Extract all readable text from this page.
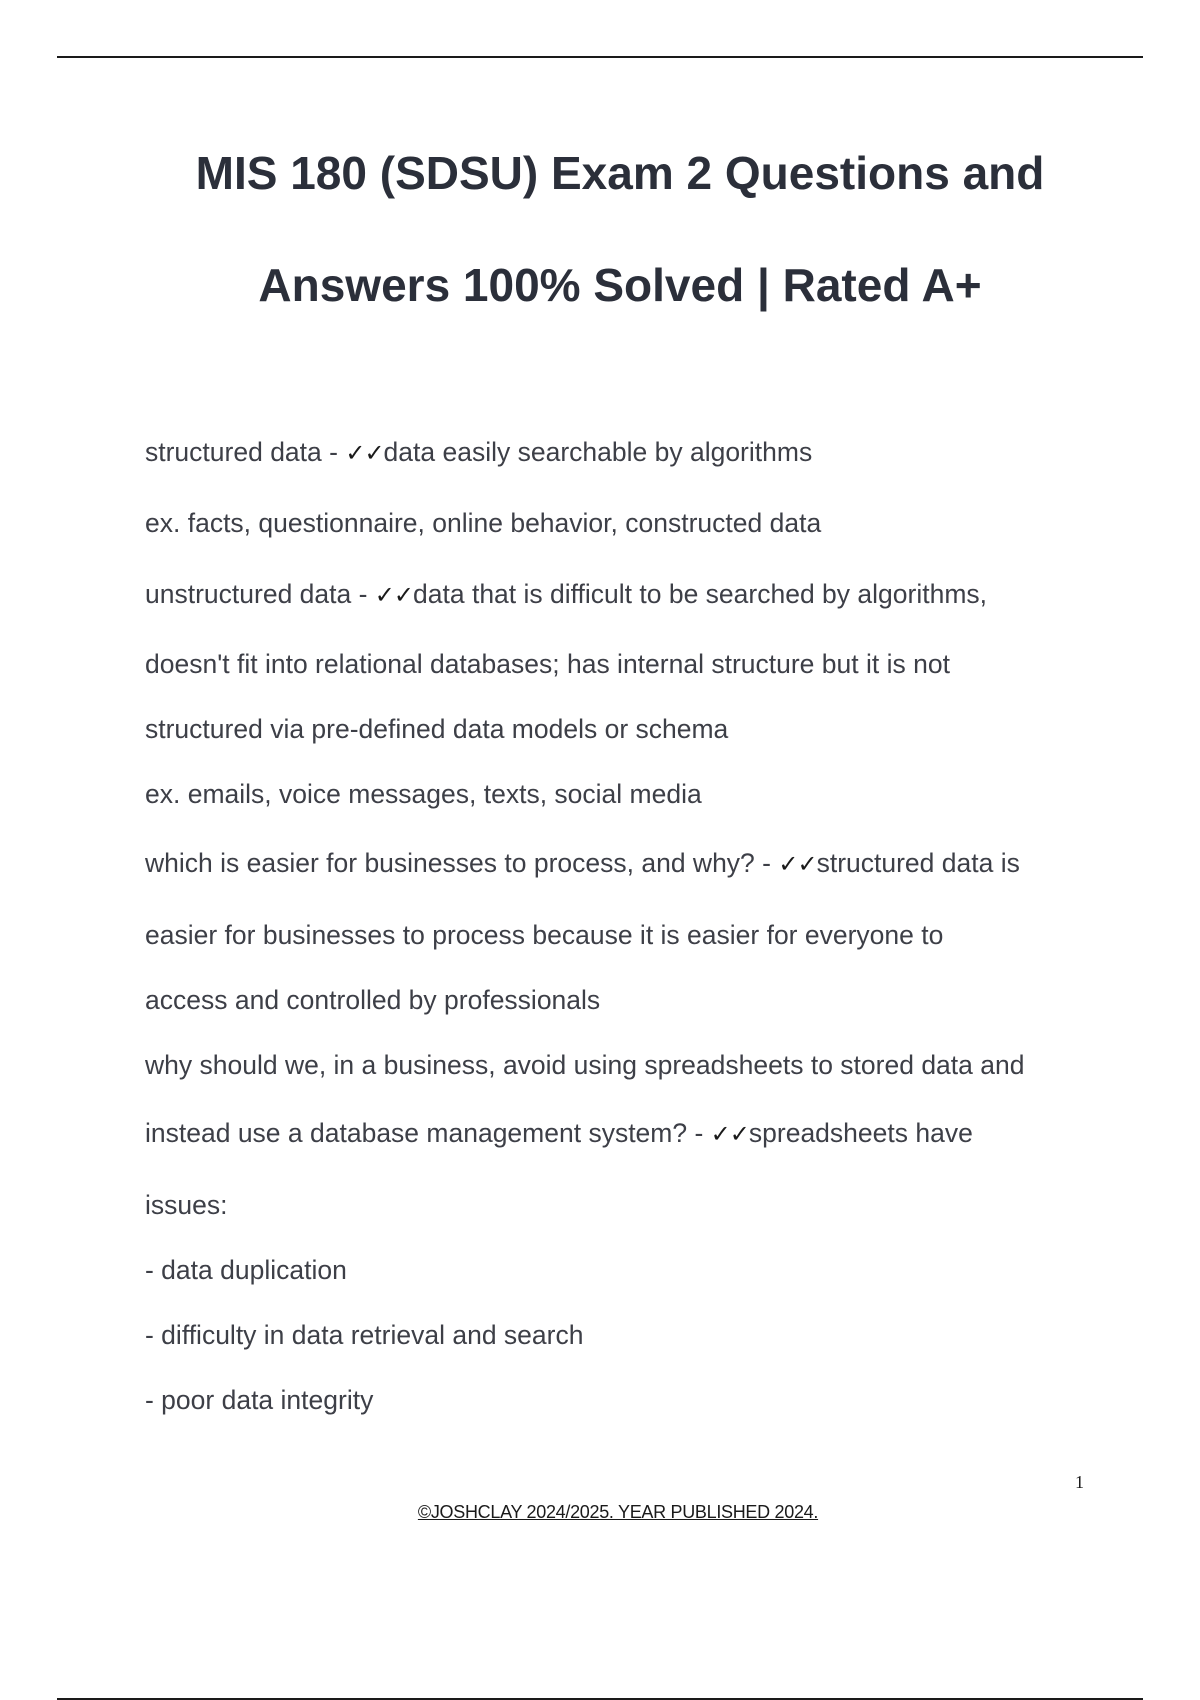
MIS 180 (SDSU) Exam 2 Questions and
Answers 100% Solved | Rated A+

structured data - ✓✓data easily searchable by algorithms

ex. facts, questionnaire, online behavior, constructed data

unstructured data - ✓✓data that is difficult to be searched by algorithms,

doesn't fit into relational databases; has internal structure but it is not

structured via pre-defined data models or schema

ex. emails, voice messages, texts, social media

which is easier for businesses to process, and why? - ✓✓structured data is

easier for businesses to process because it is easier for everyone to

access and controlled by professionals

why should we, in a business, avoid using spreadsheets to stored data and

instead use a database management system? - ✓✓spreadsheets have

issues:

- data duplication

- difficulty in data retrieval and search

- poor data integrity

1
©JOSHCLAY 2024/2025. YEAR PUBLISHED 2024.
